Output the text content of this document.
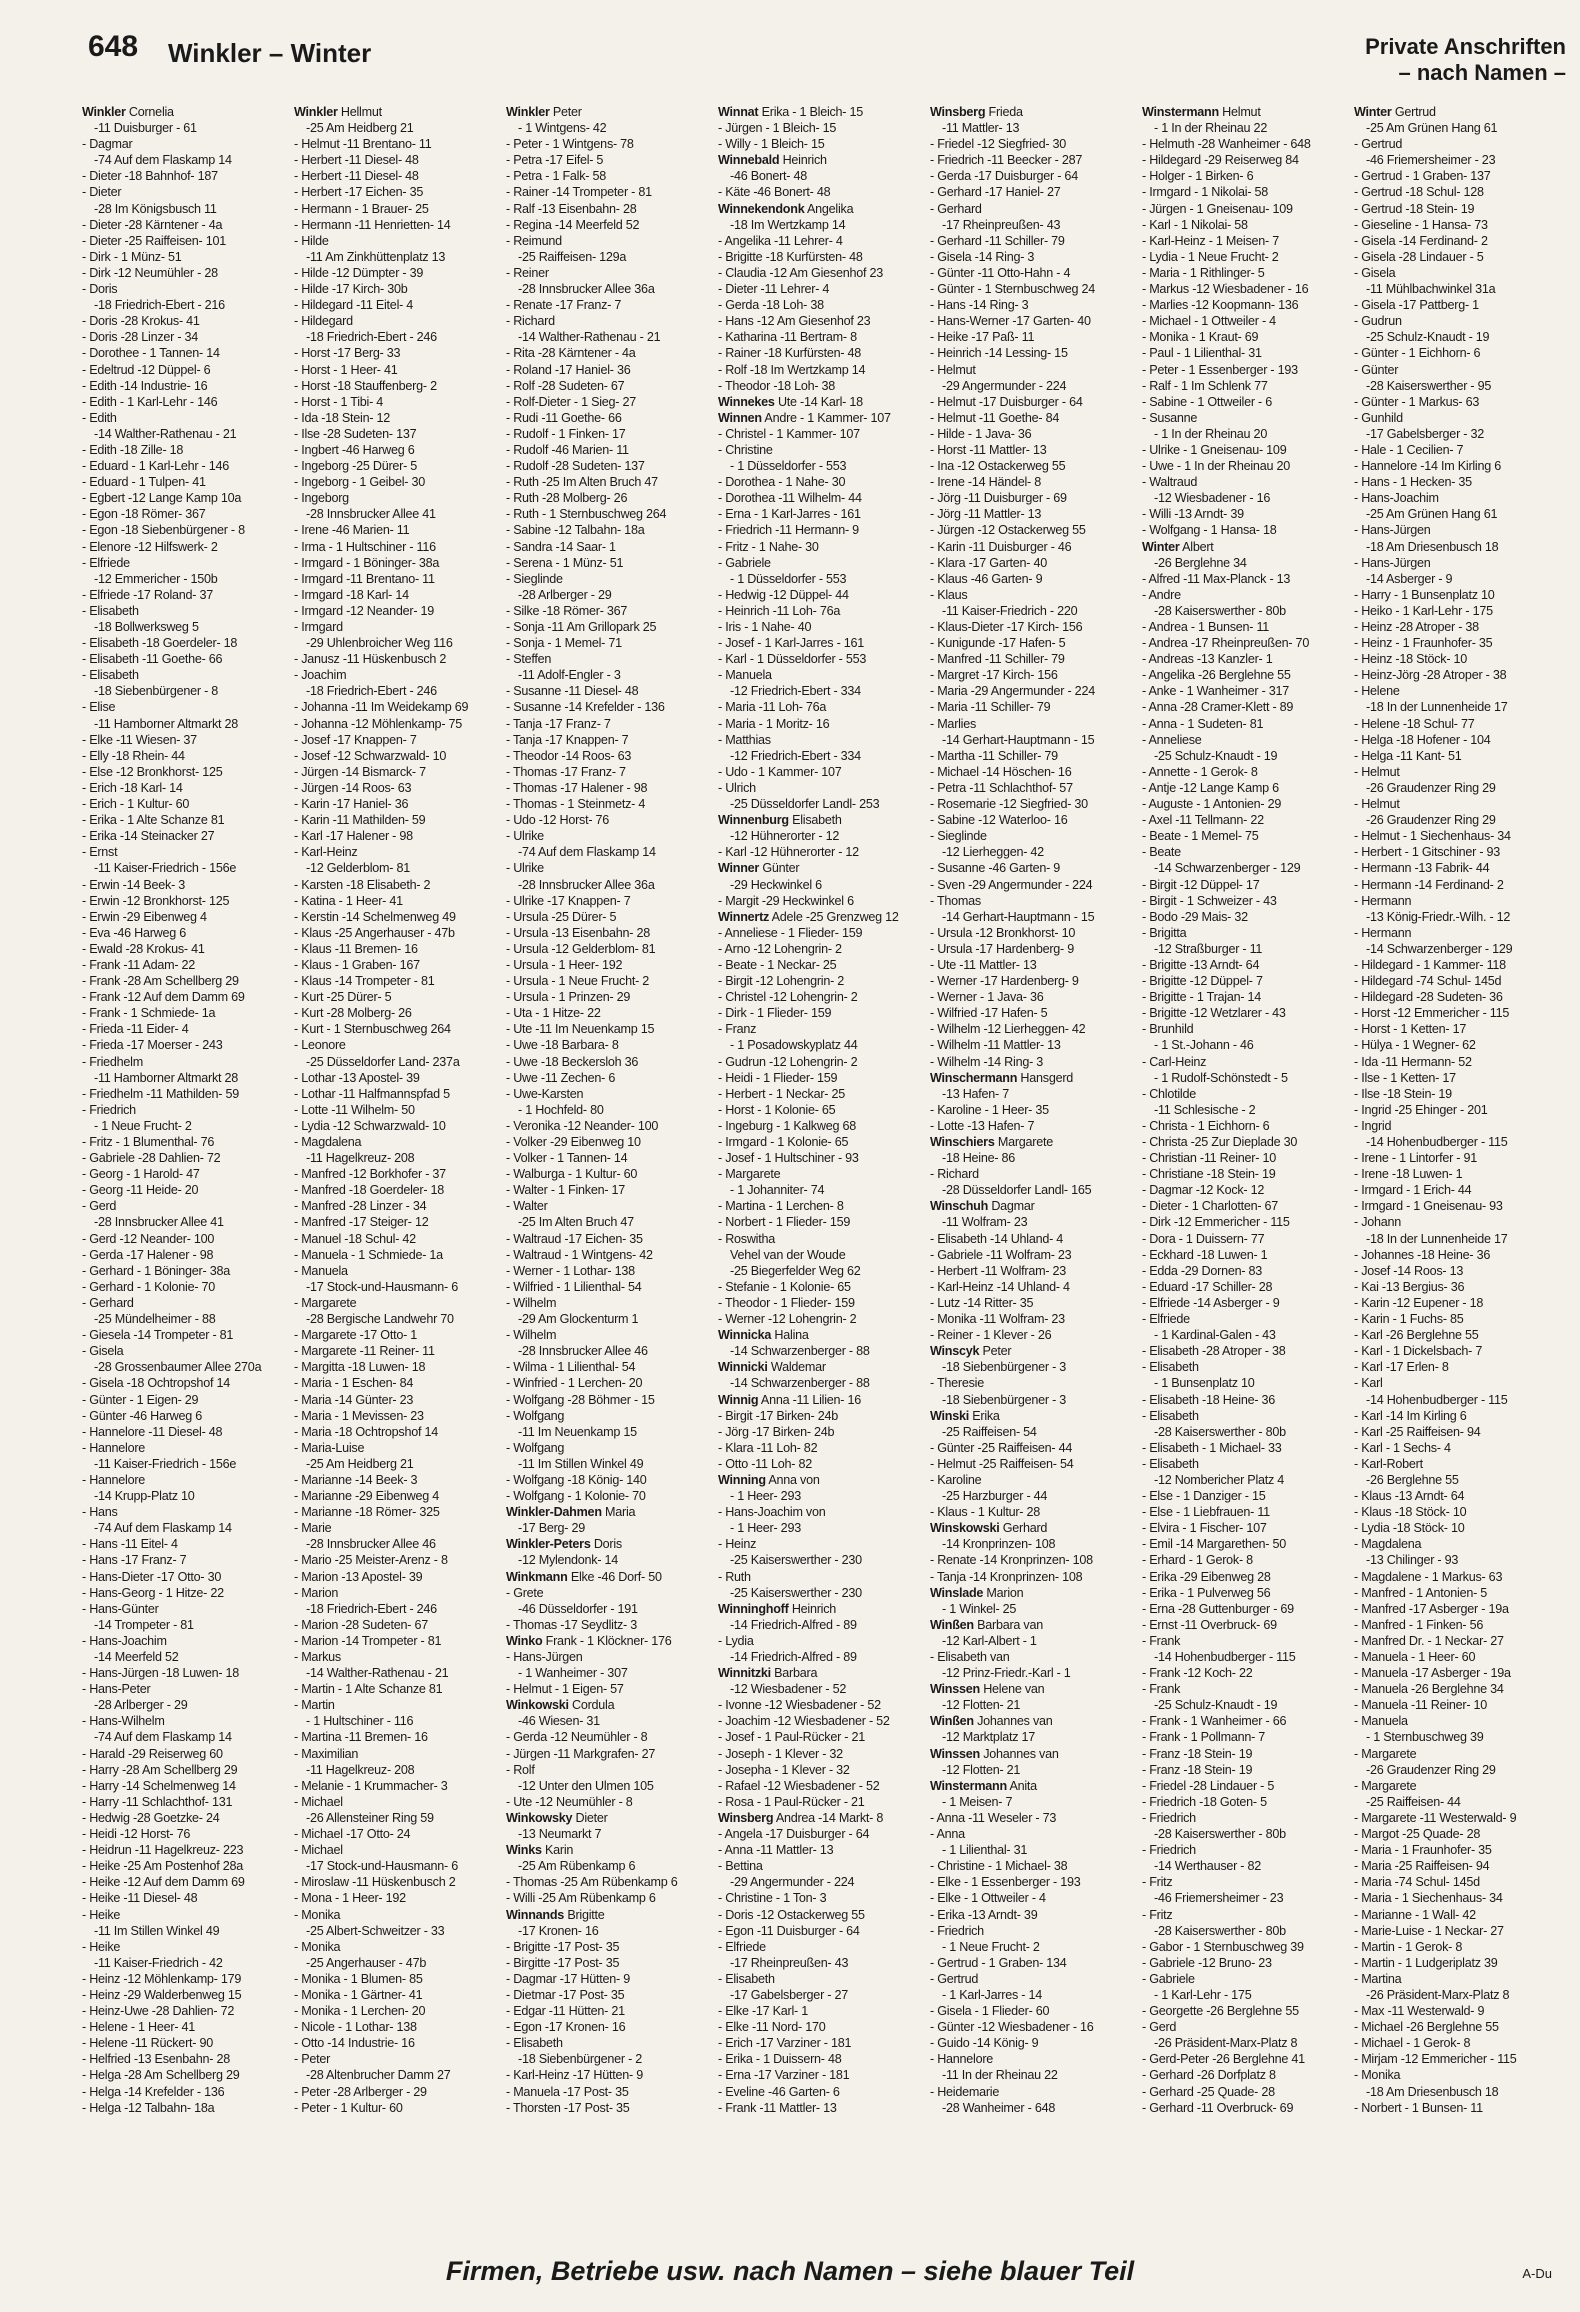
648 Winkler – Winter	Private Anschriften
– nach Namen –
Winkler Cornelia
-11 Duisburger - 61
- Dagmar
-74 Auf dem Flaskamp 14
- Dieter -18 Bahnhof- 187
- Dieter
-28 Im Königsbusch 11
- Dieter -28 Kärntener - 4a
- Dieter -25 Raiffeisen- 101
- Dirk - 1 Münz- 51
- Dirk -12 Neumühler - 28
- Doris
-18 Friedrich-Ebert - 216
- Doris -28 Krokus- 41
- Doris -28 Linzer - 34
- Dorothee - 1 Tannen- 14
- Edeltrud -12 Düppel- 6
- Edith -14 Industrie- 16
- Edith - 1 Karl-Lehr - 146
- Edith
-14 Walther-Rathenau - 21
- Edith -18 Zille- 18
- Eduard - 1 Karl-Lehr - 146
- Eduard - 1 Tulpen- 41
- Egbert -12 Lange Kamp 10a
- Egon -18 Römer- 367
- Egon -18 Siebenbürgener - 8
- Elenore -12 Hilfswerk- 2
- Elfriede
-12 Emmericher - 150b
- Elfriede -17 Roland- 37
- Elisabeth
-18 Bollwerksweg 5
- Elisabeth -18 Goerdeler- 18
- Elisabeth -11 Goethe- 66
- Elisabeth
-18 Siebenbürgener - 8
- Elise
-11 Hamborner Altmarkt 28
- Elke -11 Wiesen- 37
- Elly -18 Rhein- 44
- Else -12 Bronkhorst- 125
- Erich -18 Karl- 14
- Erich - 1 Kultur- 60
- Erika - 1 Alte Schanze 81
- Erika -14 Steinacker 27
- Ernst
-11 Kaiser-Friedrich - 156e
- Erwin -14 Beek- 3
- Erwin -12 Bronkhorst- 125
- Erwin -29 Eibenweg 4
- Eva -46 Harweg 6
- Ewald -28 Krokus- 41
- Frank -11 Adam- 22
- Frank -28 Am Schellberg 29
- Frank -12 Auf dem Damm 69
- Frank - 1 Schmiede- 1a
- Frieda -11 Eider- 4
- Frieda -17 Moerser - 243
- Friedhelm
-11 Hamborner Altmarkt 28
- Friedhelm -11 Mathilden- 59
- Friedrich
- 1 Neue Frucht- 2
- Fritz - 1 Blumenthal- 76
- Gabriele -28 Dahlien- 72
- Georg - 1 Harold- 47
- Georg -11 Heide- 20
- Gerd
-28 Innsbrucker Allee 41
- Gerd -12 Neander- 100
- Gerda -17 Halener - 98
- Gerhard - 1 Böninger- 38a
- Gerhard - 1 Kolonie- 70
- Gerhard
-25 Mündelheimer - 88
- Giesela -14 Trompeter - 81
- Gisela
-28 Grossenbaumer Allee 270a
- Gisela -18 Ochtropshof 14
- Günter - 1 Eigen- 29
- Günter -46 Harweg 6
- Hannelore -11 Diesel- 48
- Hannelore
-11 Kaiser-Friedrich - 156e
- Hannelore
-14 Krupp-Platz 10
- Hans
-74 Auf dem Flaskamp 14
- Hans -11 Eitel- 4
- Hans -17 Franz- 7
- Hans-Dieter -17 Otto- 30
- Hans-Georg - 1 Hitze- 22
- Hans-Günter
-14 Trompeter - 81
- Hans-Joachim
-14 Meerfeld 52
- Hans-Jürgen -18 Luwen- 18
- Hans-Peter
-28 Arlberger - 29
- Hans-Wilhelm
-74 Auf dem Flaskamp 14
- Harald -29 Reiserweg 60
- Harry -28 Am Schellberg 29
- Harry -14 Schelmenweg 14
- Harry -11 Schlachthof- 131
- Hedwig -28 Goetzke- 24
- Heidi -12 Horst- 76
- Heidrun -11 Hagelkreuz- 223
- Heike -25 Am Postenhof 28a
- Heike -12 Auf dem Damm 69
- Heike -11 Diesel- 48
- Heike
-11 Im Stillen Winkel 49
- Heike
-11 Kaiser-Friedrich - 42
- Heinz -12 Möhlenkamp- 179
- Heinz -29 Walderbenweg 15
- Heinz-Uwe -28 Dahlien- 72
- Helene - 1 Heer- 41
- Helene -11 Rückert- 90
- Helfried -13 Esenbahn- 28
- Helga -28 Am Schellberg 29
- Helga -14 Krefelder - 136
- Helga -12 Talbahn- 18a
Winkler Hellmut
-25 Am Heidberg 21
- Helmut -11 Brentano- 11
- Herbert -11 Diesel- 48
- Herbert -11 Diesel- 48
- Herbert -17 Eichen- 35
- Hermann - 1 Brauer- 25
- Hermann -11 Henrietten- 14
- Hilde
-11 Am Zinkhüttenplatz 13
- Hilde -12 Dümpter - 39
- Hilde -17 Kirch- 30b
- Hildegard -11 Eitel- 4
- Hildegard
-18 Friedrich-Ebert - 246
- Horst -17 Berg- 33
- Horst - 1 Heer- 41
- Horst -18 Stauffenberg- 2
- Horst - 1 Tibi- 4
- Ida -18 Stein- 12
- Ilse -28 Sudeten- 137
- Ingbert -46 Harweg 6
- Ingeborg -25 Dürer- 5
- Ingeborg - 1 Geibel- 30
- Ingeborg
-28 Innsbrucker Allee 41
- Irene -46 Marien- 11
- Irma - 1 Hultschiner - 116
- Irmgard - 1 Böninger- 38a
- Irmgard -11 Brentano- 11
- Irmgard -18 Karl- 14
- Irmgard -12 Neander- 19
- Irmgard
-29 Uhlenbroicher Weg 116
- Janusz -11 Hüskenbusch 2
- Joachim
-18 Friedrich-Ebert - 246
- Johanna -11 Im Weidekamp 69
- Johanna -12 Möhlenkamp- 75
- Josef -17 Knappen- 7
- Josef -12 Schwarzwald- 10
- Jürgen -14 Bismarck- 7
- Jürgen -14 Roos- 63
- Karin -17 Haniel- 36
- Karin -11 Mathilden- 59
- Karl -17 Halener - 98
- Karl-Heinz
-12 Gelderblom- 81
- Karsten -18 Elisabeth- 2
- Katina - 1 Heer- 41
- Kerstin -14 Schelmenweg 49
- Klaus -25 Angerhauser - 47b
- Klaus -11 Bremen- 16
- Klaus - 1 Graben- 167
- Klaus -14 Trompeter - 81
- Kurt -25 Dürer- 5
- Kurt -28 Molberg- 26
- Kurt - 1 Sternbuschweg 264
- Leonore
-25 Düsseldorfer Land- 237a
- Lothar -13 Apostel- 39
- Lothar -11 Halfmannspfad 5
- Lotte -11 Wilhelm- 50
- Lydia -12 Schwarzwald- 10
- Magdalena
-11 Hagelkreuz- 208
- Manfred -12 Borkhofer - 37
- Manfred -18 Goerdeler- 18
- Manfred -28 Linzer - 34
- Manfred -17 Steiger- 12
- Manuel -18 Schul- 42
- Manuela - 1 Schmiede- 1a
- Manuela
-17 Stock-und-Hausmann- 6
- Margarete
-28 Bergische Landwehr 70
- Margarete -17 Otto- 1
- Margarete -11 Reiner- 11
- Margitta -18 Luwen- 18
- Maria - 1 Eschen- 84
- Maria -14 Günter- 23
- Maria - 1 Mevissen- 23
- Maria -18 Ochtropshof 14
- Maria-Luise
-25 Am Heidberg 21
- Marianne -14 Beek- 3
- Marianne -29 Eibenweg 4
- Marianne -18 Römer- 325
- Marie
-28 Innsbrucker Allee 46
- Mario -25 Meister-Arenz - 8
- Marion -13 Apostel- 39
- Marion
-18 Friedrich-Ebert - 246
- Marion -28 Sudeten- 67
- Marion -14 Trompeter - 81
- Markus
-14 Walther-Rathenau - 21
- Martin - 1 Alte Schanze 81
- Martin
- 1 Hultschiner - 116
- Martina -11 Bremen- 16
- Maximilian
-11 Hagelkreuz- 208
- Melanie - 1 Krummacher- 3
- Michael
-26 Allensteiner Ring 59
- Michael -17 Otto- 24
- Michael
-17 Stock-und-Hausmann- 6
- Miroslaw -11 Hüskenbusch 2
- Mona - 1 Heer- 192
- Monika
-25 Albert-Schweitzer - 33
- Monika
-25 Angerhauser - 47b
- Monika - 1 Blumen- 85
- Monika - 1 Gärtner- 41
- Monika - 1 Lerchen- 20
- Nicole - 1 Lothar- 138
- Otto -14 Industrie- 16
- Peter
-28 Altenbrucher Damm 27
- Peter -28 Arlberger - 29
- Peter - 1 Kultur- 60
Winkler Peter
- 1 Wintgens- 42
- Peter - 1 Wintgens- 78
- Petra -17 Eifel- 5
- Petra - 1 Falk- 58
- Rainer -14 Trompeter - 81
- Ralf -13 Eisenbahn- 28
- Regina -14 Meerfeld 52
- Reimund
-25 Raiffeisen- 129a
- Reiner
-28 Innsbrucker Allee 36a
- Renate -17 Franz- 7
- Richard
-14 Walther-Rathenau - 21
- Rita -28 Kärntener - 4a
- Roland -17 Haniel- 36
- Rolf -28 Sudeten- 67
- Rolf-Dieter - 1 Sieg- 27
- Rudi -11 Goethe- 66
- Rudolf - 1 Finken- 17
- Rudolf -46 Marien- 11
- Rudolf -28 Sudeten- 137
- Ruth -25 Im Alten Bruch 47
- Ruth -28 Molberg- 26
- Ruth - 1 Sternbuschweg 264
- Sabine -12 Talbahn- 18a
- Sandra -14 Saar- 1
- Serena - 1 Münz- 51
- Sieglinde
-28 Arlberger - 29
- Silke -18 Römer- 367
- Sonja -11 Am Grillopark 25
- Sonja - 1 Memel- 71
- Steffen
-11 Adolf-Engler - 3
- Susanne -11 Diesel- 48
- Susanne -14 Krefelder - 136
- Tanja -17 Franz- 7
- Tanja -17 Knappen- 7
- Theodor -14 Roos- 63
- Thomas -17 Franz- 7
- Thomas -17 Halener - 98
- Thomas - 1 Steinmetz- 4
- Udo -12 Horst- 76
- Ulrike
-74 Auf dem Flaskamp 14
- Ulrike
-28 Innsbrucker Allee 36a
- Ulrike -17 Knappen- 7
- Ursula -25 Dürer- 5
- Ursula -13 Eisenbahn- 28
- Ursula -12 Gelderblom- 81
- Ursula - 1 Heer- 192
- Ursula - 1 Neue Frucht- 2
- Ursula - 1 Prinzen- 29
- Uta - 1 Hitze- 22
- Ute -11 Im Neuenkamp 15
- Uwe -18 Barbara- 8
- Uwe -18 Beckersloh 36
- Uwe -11 Zechen- 6
- Uwe-Karsten
- 1 Hochfeld- 80
- Veronika -12 Neander- 100
- Volker -29 Eibenweg 10
- Volker - 1 Tannen- 14
- Walburga - 1 Kultur- 60
- Walter - 1 Finken- 17
- Walter
-25 Im Alten Bruch 47
- Waltraud -17 Eichen- 35
- Waltraud - 1 Wintgens- 42
- Werner - 1 Lothar- 138
- Wilfried - 1 Lilienthal- 54
- Wilhelm
-29 Am Glockenturm 1
- Wilhelm
-28 Innsbrucker Allee 46
- Wilma - 1 Lilienthal- 54
- Winfried - 1 Lerchen- 20
- Wolfgang -28 Böhmer - 15
- Wolfgang
-11 Im Neuenkamp 15
- Wolfgang
-11 Im Stillen Winkel 49
- Wolfgang -18 König- 140
- Wolfgang - 1 Kolonie- 70
Winkler-Dahmen Maria
-17 Berg- 29
Winkler-Peters Doris
-12 Mylendonk- 14
Winkmann Elke -46 Dorf- 50
- Grete
-46 Düsseldorfer - 191
- Thomas -17 Seydlitz- 3
Winko Frank - 1 Klöckner- 176
- Hans-Jürgen
- 1 Wanheimer - 307
- Helmut - 1 Eigen- 57
Winkowski Cordula
-46 Wiesen- 31
- Gerda -12 Neumühler - 8
- Jürgen -11 Markgrafen- 27
- Rolf
-12 Unter den Ulmen 105
- Ute -12 Neumühler - 8
Winkowsky Dieter
-13 Neumarkt 7
Winks Karin
-25 Am Rübenkamp 6
- Thomas -25 Am Rübenkamp 6
- Willi -25 Am Rübenkamp 6
Winnands Brigitte
-17 Kronen- 16
- Brigitte -17 Post- 35
- Birgitte -17 Post- 35
- Dagmar -17 Hütten- 9
- Dietmar -17 Post- 35
- Edgar -11 Hütten- 21
- Egon -17 Kronen- 16
- Elisabeth
-18 Siebenbürgener - 2
- Karl-Heinz -17 Hütten- 9
- Manuela -17 Post- 35
- Thorsten -17 Post- 35
Winnat Erika - 1 Bleich- 15
- Jürgen - 1 Bleich- 15
- Willy - 1 Bleich- 15
Winnebald Heinrich
-46 Bonert- 48
- Käte -46 Bonert- 48
Winnekendonk Angelika
-18 Im Wertzkamp 14
- Angelika -11 Lehrer- 4
- Brigitte -18 Kurfürsten- 48
- Claudia -12 Am Giesenhof 23
- Dieter -11 Lehrer- 4
- Gerda -18 Loh- 38
- Hans -12 Am Giesenhof 23
- Katharina -11 Bertram- 8
- Rainer -18 Kurfürsten- 48
- Rolf -18 Im Wertzkamp 14
- Theodor -18 Loh- 38
Winnekes Ute -14 Karl- 18
Winnen Andre - 1 Kammer- 107
- Christel - 1 Kammer- 107
- Christine
- 1 Düsseldorfer - 553
- Dorothea - 1 Nahe- 30
- Dorothea -11 Wilhelm- 44
- Erna - 1 Karl-Jarres - 161
- Friedrich -11 Hermann- 9
- Fritz - 1 Nahe- 30
- Gabriele
- 1 Düsseldorfer - 553
- Hedwig -12 Düppel- 44
- Heinrich -11 Loh- 76a
- Iris - 1 Nahe- 40
- Josef - 1 Karl-Jarres - 161
- Karl - 1 Düsseldorfer - 553
- Manuela
-12 Friedrich-Ebert - 334
- Maria -11 Loh- 76a
- Maria - 1 Moritz- 16
- Matthias
-12 Friedrich-Ebert - 334
- Udo - 1 Kammer- 107
- Ulrich
-25 Düsseldorfer Landl- 253
Winnenburg Elisabeth
-12 Hühnerorter - 12
- Karl -12 Hühnerorter - 12
Winner Günter
-29 Heckwinkel 6
- Margit -29 Heckwinkel 6
Winnertz Adele -25 Grenzweg 12
- Anneliese - 1 Flieder- 159
- Arno -12 Lohengrin- 2
- Beate - 1 Neckar- 25
- Birgit -12 Lohengrin- 2
- Christel -12 Lohengrin- 2
- Dirk - 1 Flieder- 159
- Franz
- 1 Posadowskyplatz 44
- Gudrun -12 Lohengrin- 2
- Heidi - 1 Flieder- 159
- Herbert - 1 Neckar- 25
- Horst - 1 Kolonie- 65
- Ingeburg - 1 Kalkweg 68
- Irmgard - 1 Kolonie- 65
- Josef - 1 Hultschiner - 93
- Margarete
- 1 Johanniter- 74
- Martina - 1 Lerchen- 8
- Norbert - 1 Flieder- 159
- Roswitha
Vehel van der Woude
-25 Biegerfelder Weg 62
- Stefanie - 1 Kolonie- 65
- Theodor - 1 Flieder- 159
- Werner -12 Lohengrin- 2
Winnicka Halina
-14 Schwarzenberger - 88
Winnicki Waldemar
-14 Schwarzenberger - 88
Winnig Anna -11 Lilien- 16
- Birgit -17 Birken- 24b
- Jörg -17 Birken- 24b
- Klara -11 Loh- 82
- Otto -11 Loh- 82
Winning Anna von
- 1 Heer- 293
- Hans-Joachim von
- 1 Heer- 293
- Heinz
-25 Kaiserswerther - 230
- Ruth
-25 Kaiserswerther - 230
Winninghoff Heinrich
-14 Friedrich-Alfred - 89
- Lydia
-14 Friedrich-Alfred - 89
Winnitzki Barbara
-12 Wiesbadener - 52
- Ivonne -12 Wiesbadener - 52
- Joachim -12 Wiesbadener - 52
- Josef - 1 Paul-Rücker - 21
- Joseph - 1 Klever - 32
- Josepha - 1 Klever - 32
- Rafael -12 Wiesbadener - 52
- Rosa - 1 Paul-Rücker - 21
Winsberg Andrea -14 Markt- 8
- Angela -17 Duisburger - 64
- Anna -11 Mattler- 13
- Bettina
-29 Angermunder - 224
- Christine - 1 Ton- 3
- Doris -12 Ostackerweg 55
- Egon -11 Duisburger - 64
- Elfriede
-17 Rheinpreußen- 43
- Elisabeth
-17 Gabelsberger - 27
- Elke -17 Karl- 1
- Elke -11 Nord- 170
- Erich -17 Varziner - 181
- Erika - 1 Duissern- 48
- Erna -17 Varziner - 181
- Eveline -46 Garten- 6
- Frank -11 Mattler- 13
Winsberg Frieda
-11 Mattler- 13
- Friedel -12 Siegfried- 30
- Friedrich -11 Beecker - 287
- Gerda -17 Duisburger - 64
- Gerhard -17 Haniel- 27
- Gerhard
-17 Rheinpreußen- 43
- Gerhard -11 Schiller- 79
- Gisela -14 Ring- 3
- Günter -11 Otto-Hahn - 4
- Günter - 1 Sternbuschweg 24
- Hans -14 Ring- 3
- Hans-Werner -17 Garten- 40
- Heike -17 Paß- 11
- Heinrich -14 Lessing- 15
- Helmut
-29 Angermunder - 224
- Helmut -17 Duisburger - 64
- Helmut -11 Goethe- 84
- Hilde - 1 Java- 36
- Horst -11 Mattler- 13
- Ina -12 Ostackerweg 55
- Irene -14 Händel- 8
- Jörg -11 Duisburger - 69
- Jörg -11 Mattler- 13
- Jürgen -12 Ostackerweg 55
- Karin -11 Duisburger - 46
- Klara -17 Garten- 40
- Klaus -46 Garten- 9
- Klaus
-11 Kaiser-Friedrich - 220
- Klaus-Dieter -17 Kirch- 156
- Kunigunde -17 Hafen- 5
- Manfred -11 Schiller- 79
- Margret -17 Kirch- 156
- Maria -29 Angermunder - 224
- Maria -11 Schiller- 79
- Marlies
-14 Gerhart-Hauptmann - 15
- Martha -11 Schiller- 79
- Michael -14 Höschen- 16
- Petra -11 Schlachthof- 57
- Rosemarie -12 Siegfried- 30
- Sabine -12 Waterloo- 16
- Sieglinde
-12 Lierheggen- 42
- Susanne -46 Garten- 9
- Sven -29 Angermunder - 224
- Thomas
-14 Gerhart-Hauptmann - 15
- Ursula -12 Bronkhorst- 10
- Ursula -17 Hardenberg- 9
- Ute -11 Mattler- 13
- Werner -17 Hardenberg- 9
- Werner - 1 Java- 36
- Wilfried -17 Hafen- 5
- Wilhelm -12 Lierheggen- 42
- Wilhelm -11 Mattler- 13
- Wilhelm -14 Ring- 3
Winschermann Hansgerd
-13 Hafen- 7
- Karoline - 1 Heer- 35
- Lotte -13 Hafen- 7
Winschiers Margarete
-18 Heine- 86
- Richard
-28 Düsseldorfer Landl- 165
Winschuh Dagmar
-11 Wolfram- 23
- Elisabeth -14 Uhland- 4
- Gabriele -11 Wolfram- 23
- Herbert -11 Wolfram- 23
- Karl-Heinz -14 Uhland- 4
- Lutz -14 Ritter- 35
- Monika -11 Wolfram- 23
- Reiner - 1 Klever - 26
Winscyk Peter
-18 Siebenbürgener - 3
- Theresie
-18 Siebenbürgener - 3
Winski Erika
-25 Raiffeisen- 54
- Günter -25 Raiffeisen- 44
- Helmut -25 Raiffeisen- 54
- Karoline
-25 Harzburger - 44
- Klaus - 1 Kultur- 28
Winskowski Gerhard
-14 Kronprinzen- 108
- Renate -14 Kronprinzen- 108
- Tanja -14 Kronprinzen- 108
Winslade Marion
- 1 Winkel- 25
Winßen Barbara van
-12 Karl-Albert - 1
- Elisabeth van
-12 Prinz-Friedr.-Karl - 1
Winssen Helene van
-12 Flotten- 21
Winßen Johannes van
-12 Marktplatz 17
Winssen Johannes van
-12 Flotten- 21
Winstermann Anita
- 1 Meisen- 7
- Anna -11 Weseler - 73
- Anna
- 1 Lilienthal- 31
- Christine - 1 Michael- 38
- Elke - 1 Essenberger - 193
- Elke - 1 Ottweiler - 4
- Erika -13 Arndt- 39
- Friedrich
- 1 Neue Frucht- 2
- Gertrud - 1 Graben- 134
- Gertrud
- 1 Karl-Jarres - 14
- Gisela - 1 Flieder- 60
- Günter -12 Wiesbadener - 16
- Guido -14 König- 9
- Hannelore
-11 In der Rheinau 22
- Heidemarie
-28 Wanheimer - 648
Winstermann Helmut
- 1 In der Rheinau 22
- Helmuth -28 Wanheimer - 648
- Hildegard -29 Reiserweg 84
- Holger - 1 Birken- 6
- Irmgard - 1 Nikolai- 58
- Jürgen - 1 Gneisenau- 109
- Karl - 1 Nikolai- 58
- Karl-Heinz - 1 Meisen- 7
- Lydia - 1 Neue Frucht- 2
- Maria - 1 Rithlinger- 5
- Markus -12 Wiesbadener - 16
- Marlies -12 Koopmann- 136
- Michael - 1 Ottweiler - 4
- Monika - 1 Kraut- 69
- Paul - 1 Lilienthal- 31
- Peter - 1 Essenberger - 193
- Ralf - 1 Im Schlenk 77
- Sabine - 1 Ottweiler - 6
- Susanne
- 1 In der Rheinau 20
- Ulrike - 1 Gneisenau- 109
- Uwe - 1 In der Rheinau 20
- Waltraud
-12 Wiesbadener - 16
- Willi -13 Arndt- 39
- Wolfgang - 1 Hansa- 18
Winter Albert
-26 Berglehne 34
- Alfred -11 Max-Planck - 13
- Andre
-28 Kaiserswerther - 80b
- Andrea - 1 Bunsen- 11
- Andrea -17 Rheinpreußen- 70
- Andreas -13 Kanzler- 1
- Angelika -26 Berglehne 55
- Anke - 1 Wanheimer - 317
- Anna -28 Cramer-Klett - 89
- Anna - 1 Sudeten- 81
- Anneliese
-25 Schulz-Knaudt - 19
- Annette - 1 Gerok- 8
- Antje -12 Lange Kamp 6
- Auguste - 1 Antonien- 29
- Axel -11 Tellmann- 22
- Beate - 1 Memel- 75
- Beate
-14 Schwarzenberger - 129
- Birgit -12 Düppel- 17
- Birgit - 1 Schweizer - 43
- Bodo -29 Mais- 32
- Brigitta
-12 Straßburger - 11
- Brigitte -13 Arndt- 64
- Brigitte -12 Düppel- 7
- Brigitte - 1 Trajan- 14
- Brigitte -12 Wetzlarer - 43
- Brunhild
- 1 St.-Johann - 46
- Carl-Heinz
- 1 Rudolf-Schönstedt - 5
- Chlotilde
-11 Schlesische - 2
- Christa - 1 Eichhorn- 6
- Christa -25 Zur Dieplade 30
- Christian -11 Reiner- 10
- Christiane -18 Stein- 19
- Dagmar -12 Kock- 12
- Dieter - 1 Charlotten- 67
- Dirk -12 Emmericher - 115
- Dora - 1 Duissern- 77
- Eckhard -18 Luwen- 1
- Edda -29 Dornen- 83
- Eduard -17 Schiller- 28
- Elfriede -14 Asberger - 9
- Elfriede
- 1 Kardinal-Galen - 43
- Elisabeth -28 Atroper - 38
- Elisabeth
- 1 Bunsenplatz 10
- Elisabeth -18 Heine- 36
- Elisabeth
-28 Kaiserswerther - 80b
- Elisabeth - 1 Michael- 33
- Elisabeth
-12 Nombericher Platz 4
- Else - 1 Danziger - 15
- Else - 1 Liebfrauen- 11
- Elvira - 1 Fischer- 107
- Emil -14 Margarethen- 50
- Erhard - 1 Gerok- 8
- Erika -29 Eibenweg 28
- Erika - 1 Pulverweg 56
- Erna -28 Guttenburger - 69
- Ernst -11 Overbruck- 69
- Frank
-14 Hohenbudberger - 115
- Frank -12 Koch- 22
- Frank
-25 Schulz-Knaudt - 19
- Frank - 1 Wanheimer - 66
- Frank - 1 Pollmann- 7
- Franz -18 Stein- 19
- Franz -18 Stein- 19
- Friedel -28 Lindauer - 5
- Friedrich -18 Goten- 5
- Friedrich
-28 Kaiserswerther - 80b
- Friedrich
-14 Werthauser - 82
- Fritz
-46 Friemersheimer - 23
- Fritz
-28 Kaiserswerther - 80b
- Gabor - 1 Sternbuschweg 39
- Gabriele -12 Bruno- 23
- Gabriele
- 1 Karl-Lehr - 175
- Georgette -26 Berglehne 55
- Gerd
-26 Präsident-Marx-Platz 8
- Gerd-Peter -26 Berglehne 41
- Gerhard -26 Dorfplatz 8
- Gerhard -25 Quade- 28
- Gerhard -11 Overbruck- 69
Winter Gertrud
-25 Am Grünen Hang 61
- Gertrud
-46 Friemersheimer - 23
- Gertrud - 1 Graben- 137
- Gertrud -18 Schul- 128
- Gertrud -18 Stein- 19
- Gieseline - 1 Hansa- 73
- Gisela -14 Ferdinand- 2
- Gisela -28 Lindauer - 5
- Gisela
-11 Mühlbachwinkel 31a
- Gisela -17 Pattberg- 1
- Gudrun
-25 Schulz-Knaudt - 19
- Günter - 1 Eichhorn- 6
- Günter
-28 Kaiserswerther - 95
- Günter - 1 Markus- 63
- Gunhild
-17 Gabelsberger - 32
- Hale - 1 Cecilien- 7
- Hannelore -14 Im Kirling 6
- Hans - 1 Hecken- 35
- Hans-Joachim
-25 Am Grünen Hang 61
- Hans-Jürgen
-18 Am Driesenbusch 18
- Hans-Jürgen
-14 Asberger - 9
- Harry - 1 Bunsenplatz 10
- Heiko - 1 Karl-Lehr - 175
- Heinz -28 Atroper - 38
- Heinz - 1 Fraunhofer- 35
- Heinz -18 Stöck- 10
- Heinz-Jörg -28 Atroper - 38
- Helene
-18 In der Lunnenheide 17
- Helene -18 Schul- 77
- Helga -18 Hofener - 104
- Helga -11 Kant- 51
- Helmut
-26 Graudenzer Ring 29
- Helmut
-26 Graudenzer Ring 29
- Helmut - 1 Siechenhaus- 34
- Herbert - 1 Gitschiner - 93
- Hermann -13 Fabrik- 44
- Hermann -14 Ferdinand- 2
- Hermann
-13 König-Friedr.-Wilh. - 12
- Hermann
-14 Schwarzenberger - 129
- Hildegard - 1 Kammer- 118
- Hildegard -74 Schul- 145d
- Hildegard -28 Sudeten- 36
- Horst -12 Emmericher - 115
- Horst - 1 Ketten- 17
- Hülya - 1 Wegner- 62
- Ida -11 Hermann- 52
- Ilse - 1 Ketten- 17
- Ilse -18 Stein- 19
- Ingrid -25 Ehinger - 201
- Ingrid
-14 Hohenbudberger - 115
- Irene - 1 Lintorfer - 91
- Irene -18 Luwen- 1
- Irmgard - 1 Erich- 44
- Irmgard - 1 Gneisenau- 93
- Johann
-18 In der Lunnenheide 17
- Johannes -18 Heine- 36
- Josef -14 Roos- 13
- Kai -13 Bergius- 36
- Karin -12 Eupener - 18
- Karin - 1 Fuchs- 85
- Karl -26 Berglehne 55
- Karl - 1 Dickelsbach- 7
- Karl -17 Erlen- 8
- Karl
-14 Hohenbudberger - 115
- Karl -14 Im Kirling 6
- Karl -25 Raiffeisen- 94
- Karl - 1 Sechs- 4
- Karl-Robert
-26 Berglehne 55
- Klaus -13 Arndt- 64
- Klaus -18 Stöck- 10
- Lydia -18 Stöck- 10
- Magdalena
-13 Chilinger - 93
- Magdalene - 1 Markus- 63
- Manfred - 1 Antonien- 5
- Manfred -17 Asberger - 19a
- Manfred - 1 Finken- 56
- Manfred Dr. - 1 Neckar- 27
- Manuela - 1 Heer- 60
- Manuela -17 Asberger - 19a
- Manuela -26 Berglehne 34
- Manuela -11 Reiner- 10
- Manuela
- 1 Sternbuschweg 39
- Margarete
-26 Graudenzer Ring 29
- Margarete
-25 Raiffeisen- 44
- Margarete -11 Westerwald- 9
- Margot -25 Quade- 28
- Maria - 1 Fraunhofer- 35
- Maria -25 Raiffeisen- 94
- Maria -74 Schul- 145d
- Maria - 1 Siechenhaus- 34
- Marianne - 1 Wall- 42
- Marie-Luise - 1 Neckar- 27
- Martin - 1 Gerok- 8
- Martin - 1 Ludgeriplatz 39
- Martina
-26 Präsident-Marx-Platz 8
- Max -11 Westerwald- 9
- Michael -26 Berglehne 55
- Michael - 1 Gerok- 8
- Mirjam -12 Emmericher - 115
- Monika
-18 Am Driesenbusch 18
- Norbert - 1 Bunsen- 11
Firmen, Betriebe usw. nach Namen – siehe blauer Teil	A-Du
